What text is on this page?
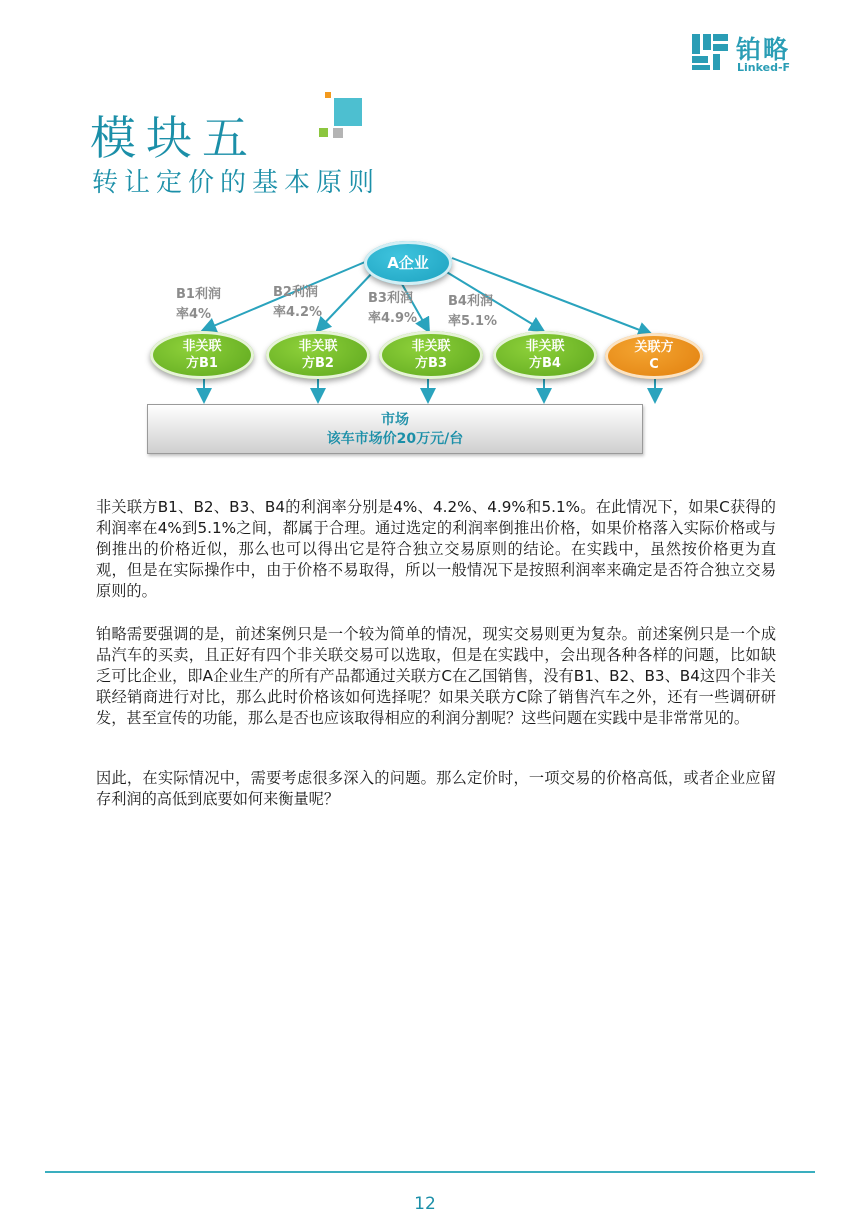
铂略
Linked-F
模块五
转让定价的基本原则
A企业
B1利润
率4%
B2利润
率4.2%
B3利润
率4.9%
B4利润
率5.1%
非关联
方B1
非关联
方B2
非关联
方B3
非关联
方B4
关联方
C
市场
该车市场价20万元/台

非关联方B1、B2、B3、B4的利润率分别是4%、4.2%、4.9%和5.1%。在此情况下，如果C获得的利润率在4%到5.1%之间，都属于合理。通过选定的利润率倒推出价格，如果价格落入实际价格或与倒推出的价格近似，那么也可以得出它是符合独立交易原则的结论。在实践中，虽然按价格更为直观，但是在实际操作中，由于价格不易取得，所以一般情况下是按照利润率来确定是否符合独立交易原则的。

铂略需要强调的是，前述案例只是一个较为简单的情况，现实交易则更为复杂。前述案例只是一个成品汽车的买卖，且正好有四个非关联交易可以选取，但是在实践中，会出现各种各样的问题，比如缺乏可比企业，即A企业生产的所有产品都通过关联方C在乙国销售，没有B1、B2、B3、B4这四个非关联经销商进行对比，那么此时价格该如何选择呢？如果关联方C除了销售汽车之外，还有一些调研研发，甚至宣传的功能，那么是否也应该取得相应的利润分割呢？这些问题在实践中是非常常见的。

因此，在实际情况中，需要考虑很多深入的问题。那么定价时，一项交易的价格高低，或者企业应留存利润的高低到底要如何来衡量呢？

12
